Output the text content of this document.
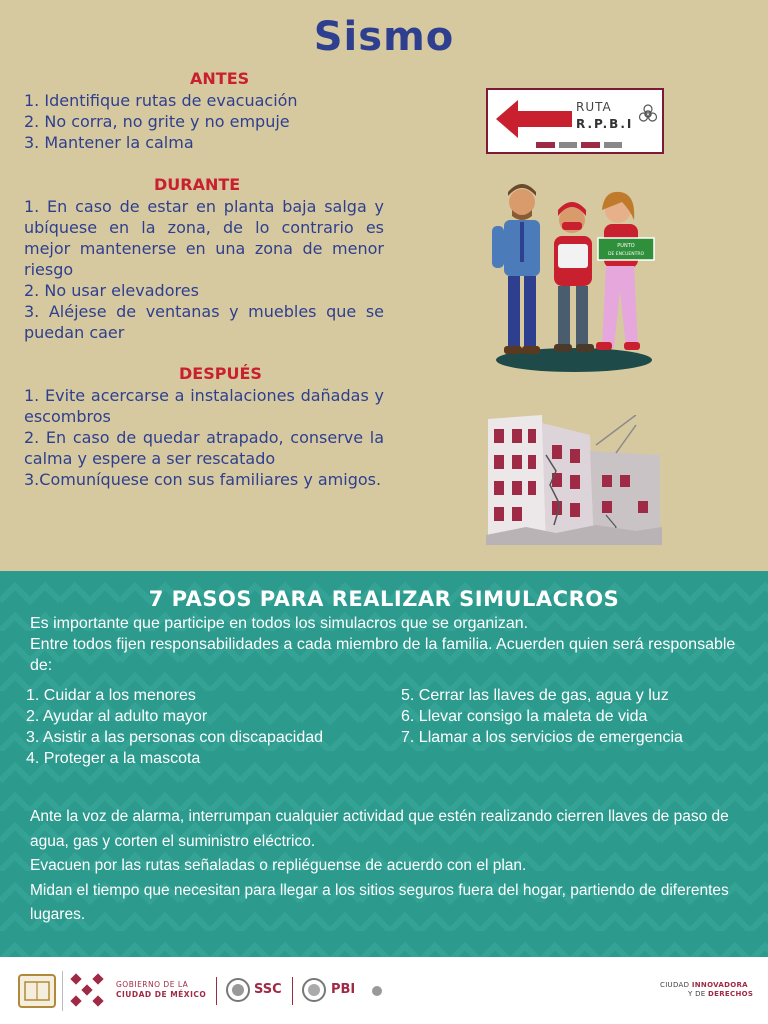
Sismo
ANTES
1. Identifique rutas de evacuación
2. No corra, no grite y no empuje
3. Mantener la calma
DURANTE
1. En caso de estar en planta baja salga y ubíquese en la zona, de lo contrario es mejor mantenerse en una zona de menor riesgo
2. No usar elevadores
3. Aléjese de ventanas y muebles que se puedan caer
DESPUÉS
1. Evite acercarse a instalaciones dañadas y escombros
2. En caso de quedar atrapado, conserve la calma y espere a ser rescatado
3.Comuníquese con sus familiares y amigos.
RUTA
R.P.B.I
PUNTO
DE ENCUENTRO
7 PASOS PARA REALIZAR SIMULACROS
Es importante que participe en todos los simulacros que se organizan.
Entre todos fijen responsabilidades a cada miembro de la familia. Acuerden quien será responsable de:
1. Cuidar a los menores
2. Ayudar al adulto mayor
3. Asistir a las personas con discapacidad
4. Proteger a la mascota
5. Cerrar las llaves de gas, agua y luz
6. Llevar consigo la maleta de vida
7. Llamar a los servicios de emergencia
Ante la voz de alarma, interrumpan cualquier actividad que estén realizando cierren llaves de paso de agua, gas y corten el suministro eléctrico.
Evacuen por las rutas señaladas o repliéguense de acuerdo con el plan.
Midan el tiempo que necesitan para llegar a los sitios seguros fuera del hogar, partiendo de diferentes lugares.
GOBIERNO DE LA
CIUDAD DE MÉXICO	SSC	PBI	CIUDAD INNOVADORA
Y DE DERECHOS
